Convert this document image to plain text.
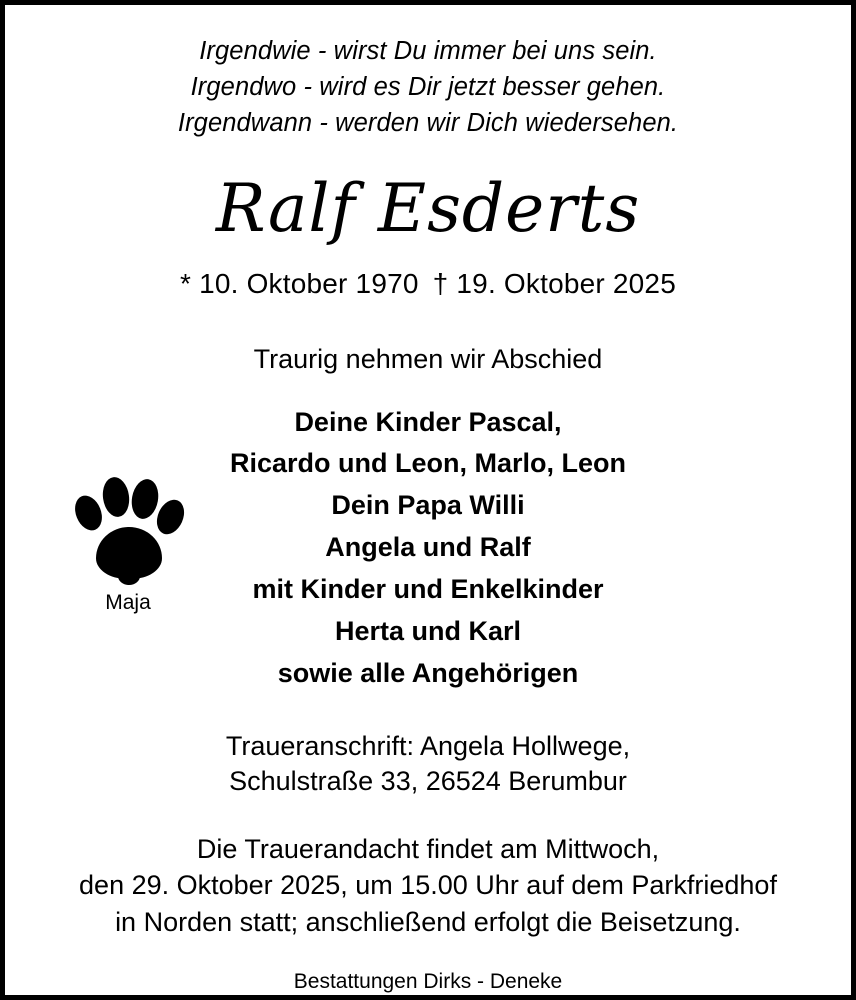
Irgendwie - wirst Du immer bei uns sein.
Irgendwo - wird es Dir jetzt besser gehen.
Irgendwann - werden wir Dich wiedersehen.
Ralf Esderts
* 10. Oktober 1970 † 19. Oktober 2025
Traurig nehmen wir Abschied
Deine Kinder Pascal,
Ricardo und Leon, Marlo, Leon
Dein Papa Willi
Angela und Ralf
mit Kinder und Enkelkinder
Herta und Karl
sowie alle Angehörigen
Traueranschrift: Angela Hollwege,
Schulstraße 33, 26524 Berumbur
Die Trauerandacht findet am Mittwoch,
den 29. Oktober 2025, um 15.00 Uhr auf dem Parkfriedhof
in Norden statt; anschließend erfolgt die Beisetzung.
Bestattungen Dirks - Deneke
Maja
